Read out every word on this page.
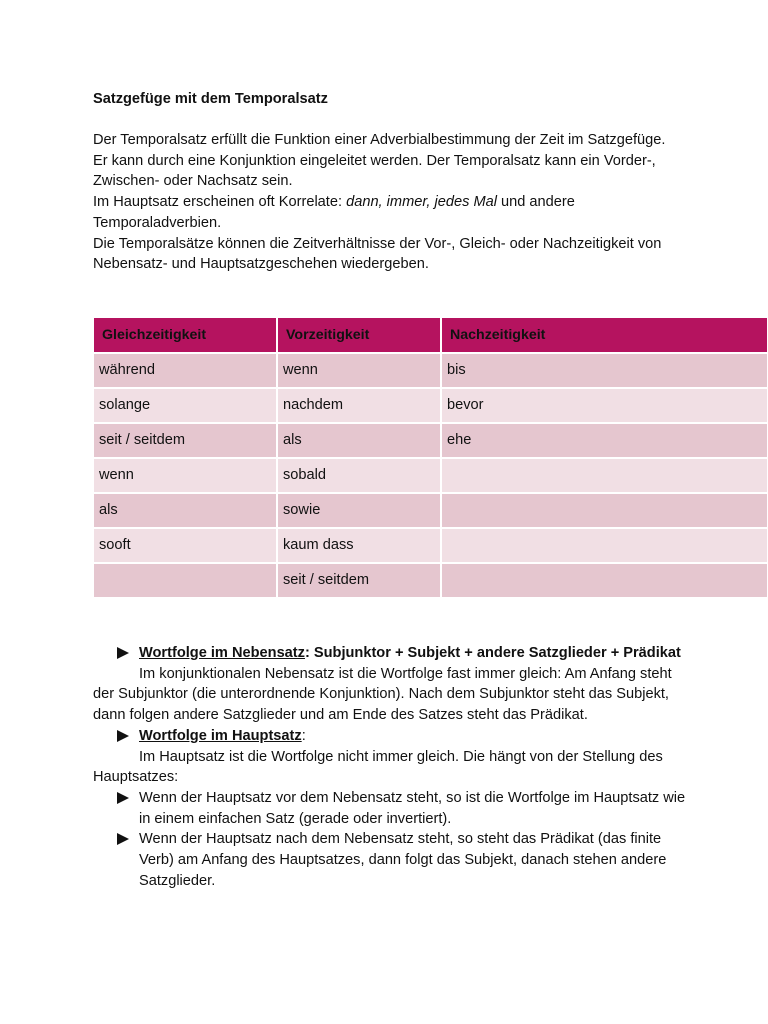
Satzgefüge mit dem Temporalsatz

Der Temporalsatz erfüllt die Funktion einer Adverbialbestimmung der Zeit im Satzgefüge.

Er kann durch eine Konjunktion eingeleitet werden. Der Temporalsatz kann ein Vorder-, Zwischen- oder Nachsatz sein.

Im Hauptsatz erscheinen oft Korrelate: dann, immer, jedes Mal und andere Temporaladverbien.

Die Temporalsätze können die Zeitverhältnisse der Vor-, Gleich- oder Nachzeitigkeit von Nebensatz- und Hauptsatzgeschehen wiedergeben.

Gleichzeitigkeit	Vorzeitigkeit	Nachzeitigkeit
während	wenn	bis
solange	nachdem	bevor
seit / seitdem	als	ehe
wenn	sobald	
als	sowie	
sooft	kaum dass	
	seit / seitdem	
Wortfolge im Nebensatz: Subjunktor + Subjekt + andere Satzglieder + Prädikat

Im konjunktionalen Nebensatz ist die Wortfolge fast immer gleich: Am Anfang steht der Subjunktor (die unterordnende Konjunktion). Nach dem Subjunktor steht das Subjekt, dann folgen andere Satzglieder und am Ende des Satzes steht das Prädikat.

Wortfolge im Hauptsatz:

Im Hauptsatz ist die Wortfolge nicht immer gleich. Die hängt von der Stellung des Hauptsatzes:

Wenn der Hauptsatz vor dem Nebensatz steht, so ist die Wortfolge im Hauptsatz wie in einem einfachen Satz (gerade oder invertiert).
Wenn der Hauptsatz nach dem Nebensatz steht, so steht das Prädikat (das finite Verb) am Anfang des Hauptsatzes, dann folgt das Subjekt, danach stehen andere Satzglieder.
